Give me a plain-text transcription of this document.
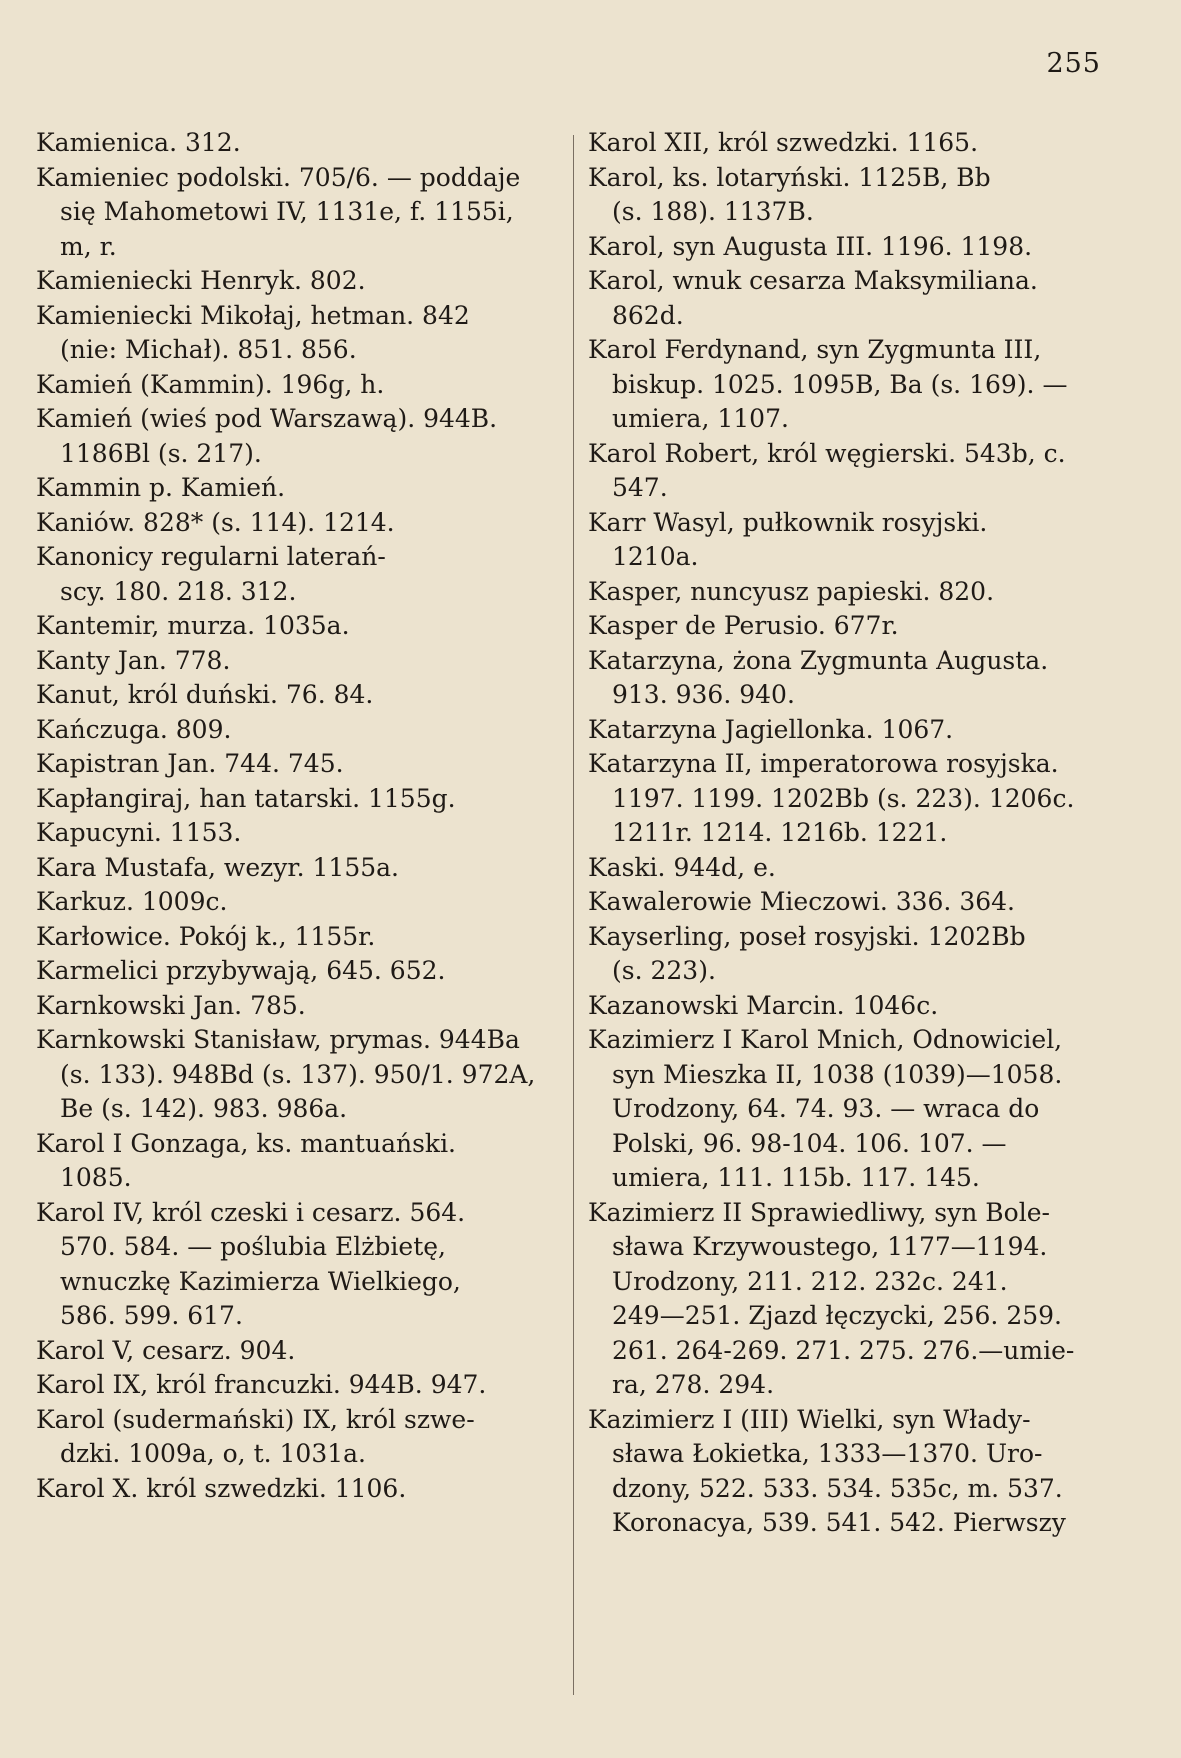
255
Kamienica. 312.
Kamieniec podolski. 705/6. — poddaje
się Mahometowi IV, 1131e, f. 1155i,
m, r.
Kamieniecki Henryk. 802.
Kamieniecki Mikołaj, hetman. 842
(nie: Michał). 851. 856.
Kamień (Kammin). 196g, h.
Kamień (wieś pod Warszawą). 944B.
1186Bl (s. 217).
Kammin p. Kamień.
Kaniów. 828* (s. 114). 1214.
Kanonicy regularni laterań-
scy. 180. 218. 312.
Kantemir, murza. 1035a.
Kanty Jan. 778.
Kanut, król duński. 76. 84.
Kańczuga. 809.
Kapistran Jan. 744. 745.
Kapłangiraj, han tatarski. 1155g.
Kapucyni. 1153.
Kara Mustafa, wezyr. 1155a.
Karkuz. 1009c.
Karłowice. Pokój k., 1155r.
Karmelici przybywają, 645. 652.
Karnkowski Jan. 785.
Karnkowski Stanisław, prymas. 944Ba
(s. 133). 948Bd (s. 137). 950/1. 972A,
Be (s. 142). 983. 986a.
Karol I Gonzaga, ks. mantuański.
1085.
Karol IV, król czeski i cesarz. 564.
570. 584. — poślubia Elżbietę,
wnuczkę Kazimierza Wielkiego,
586. 599. 617.
Karol V, cesarz. 904.
Karol IX, król francuzki. 944B. 947.
Karol (sudermański) IX, król szwe-
dzki. 1009a, o, t. 1031a.
Karol X. król szwedzki. 1106.
Karol XII, król szwedzki. 1165.
Karol, ks. lotaryński. 1125B, Bb
(s. 188). 1137B.
Karol, syn Augusta III. 1196. 1198.
Karol, wnuk cesarza Maksymiliana.
862d.
Karol Ferdynand, syn Zygmunta III,
biskup. 1025. 1095B, Ba (s. 169). —
umiera, 1107.
Karol Robert, król węgierski. 543b, c.
547.
Karr Wasyl, pułkownik rosyjski.
1210a.
Kasper, nuncyusz papieski. 820.
Kasper de Perusio. 677r.
Katarzyna, żona Zygmunta Augusta.
913. 936. 940.
Katarzyna Jagiellonka. 1067.
Katarzyna II, imperatorowa rosyjska.
1197. 1199. 1202Bb (s. 223). 1206c.
1211r. 1214. 1216b. 1221.
Kaski. 944d, e.
Kawalerowie Mieczowi. 336. 364.
Kayserling, poseł rosyjski. 1202Bb
(s. 223).
Kazanowski Marcin. 1046c.
Kazimierz I Karol Mnich, Odnowiciel,
syn Mieszka II, 1038 (1039)—1058.
Urodzony, 64. 74. 93. — wraca do
Polski, 96. 98-104. 106. 107. —
umiera, 111. 115b. 117. 145.
Kazimierz II Sprawiedliwy, syn Bole-
sława Krzywoustego, 1177—1194.
Urodzony, 211. 212. 232c. 241.
249—251. Zjazd łęczycki, 256. 259.
261. 264-269. 271. 275. 276.—umie-
ra, 278. 294.
Kazimierz I (III) Wielki, syn Włady-
sława Łokietka, 1333—1370. Uro-
dzony, 522. 533. 534. 535c, m. 537.
Koronacya, 539. 541. 542. Pierwszy
